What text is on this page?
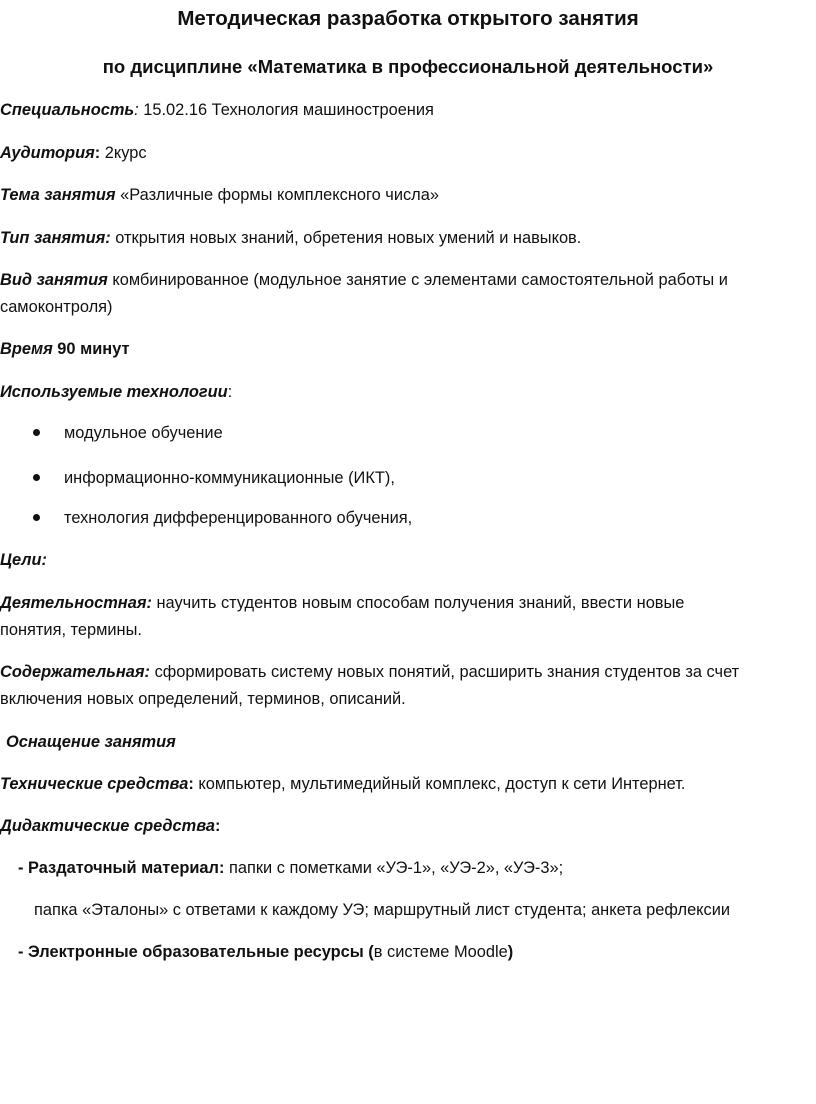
Методическая разработка открытого занятия
по дисциплине «Математика в профессиональной деятельности»
Специальность: 15.02.16 Технология машиностроения
Аудитория: 2курс
Тема занятия «Различные формы комплексного числа»
Тип занятия: открытия новых знаний, обретения новых умений и навыков.
Вид занятия комбинированное (модульное занятие с элементами самостоятельной работы и
самоконтроля)
Время 90 минут
Используемые технологии:
модульное обучение
информационно-коммуникационные (ИКТ),
технология дифференцированного обучения,
Цели:
Деятельностная: научить студентов новым способам получения знаний, ввести новые
понятия, термины.
Содержательная: сформировать систему новых понятий, расширить знания студентов за счет
включения новых определений, терминов, описаний.
Оснащение занятия
Технические средства: компьютер, мультимедийный комплекс, доступ к сети Интернет.
Дидактические средства:
- Раздаточный материал: папки с пометками «УЭ-1», «УЭ-2», «УЭ-3»;
папка «Эталоны» с ответами к каждому УЭ; маршрутный лист студента; анкета рефлексии
- Электронные образовательные ресурсы (в системе Moodle)
